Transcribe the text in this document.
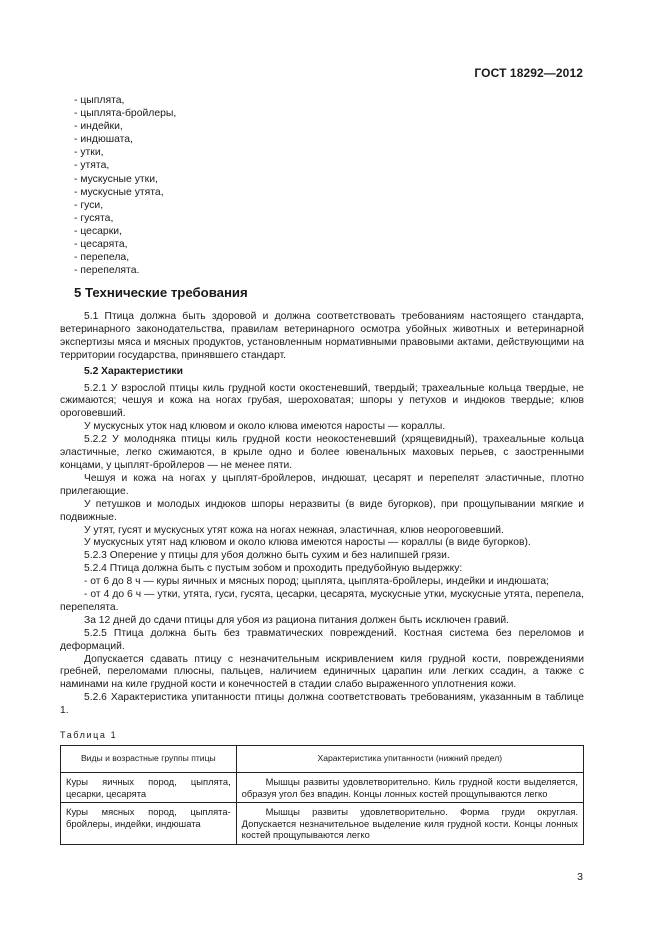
ГОСТ 18292—2012
- цыплята,
- цыплята-бройлеры,
- индейки,
- индюшата,
- утки,
- утята,
- мускусные утки,
- мускусные утята,
- гуси,
- гусята,
- цесарки,
- цесарята,
- перепела,
- перепелята.
5 Технические требования

5.1 Птица должна быть здоровой и должна соответствовать требованиям настоящего стандарта, ветеринарного законодательства, правилам ветеринарного осмотра убойных животных и ветеринарной экспертизы мяса и мясных продуктов, установленным нормативными правовыми актами, действующими на территории государства, принявшего стандарт.

5.2 Характеристики

5.2.1 У взрослой птицы киль грудной кости окостеневший, твердый; трахеальные кольца твердые, не сжимаются; чешуя и кожа на ногах грубая, шероховатая; шпоры у петухов и индюков твердые; клюв ороговевший.

У мускусных уток над клювом и около клюва имеются наросты — кораллы.

5.2.2 У молодняка птицы киль грудной кости неокостеневший (хрящевидный), трахеальные кольца эластичные, легко сжимаются, в крыле одно и более ювенальных маховых перьев, с заостренными концами, у цыплят-бройлеров — не менее пяти.

Чешуя и кожа на ногах у цыплят-бройлеров, индюшат, цесарят и перепелят эластичные, плотно прилегающие.

У петушков и молодых индюков шпоры неразвиты (в виде бугорков), при прощупывании мягкие и подвижные.

У утят, гусят и мускусных утят кожа на ногах нежная, эластичная, клюв неороговевший.

У мускусных утят над клювом и около клюва имеются наросты — кораллы (в виде бугорков).

5.2.3 Оперение у птицы для убоя должно быть сухим и без налипшей грязи.

5.2.4 Птица должна быть с пустым зобом и проходить предубойную выдержку:

- от 6 до 8 ч — куры яичных и мясных пород; цыплята, цыплята-бройлеры, индейки и индюшата;

- от 4 до 6 ч — утки, утята, гуси, гусята, цесарки, цесарята, мускусные утки, мускусные утята, перепела, перепелята.

За 12 дней до сдачи птицы для убоя из рациона питания должен быть исключен гравий.

5.2.5 Птица должна быть без травматических повреждений. Костная система без переломов и деформаций.

Допускается сдавать птицу с незначительным искривлением киля грудной кости, повреждениями гребней, переломами плюсны, пальцев, наличием единичных царапин или легких ссадин, а также с наминами на киле грудной кости и конечностей в стадии слабо выраженного уплотнения кожи.

5.2.6 Характеристика упитанности птицы должна соответствовать требованиям, указанным в таблице 1.

Таблица 1
Виды и возрастные группы птицы	Характеристика упитанности (нижний предел)
Куры яичных пород, цыплята, цесарки, цесарята	Мышцы развиты удовлетворительно. Киль грудной кости выделяется, образуя угол без впадин. Концы лонных костей прощупываются легко
Куры мясных пород, цыплята-бройлеры, индейки, индюшата	Мышцы развиты удовлетворительно. Форма груди округлая. Допускается незначительное выделение киля грудной кости. Концы лонных костей прощупываются легко
3
